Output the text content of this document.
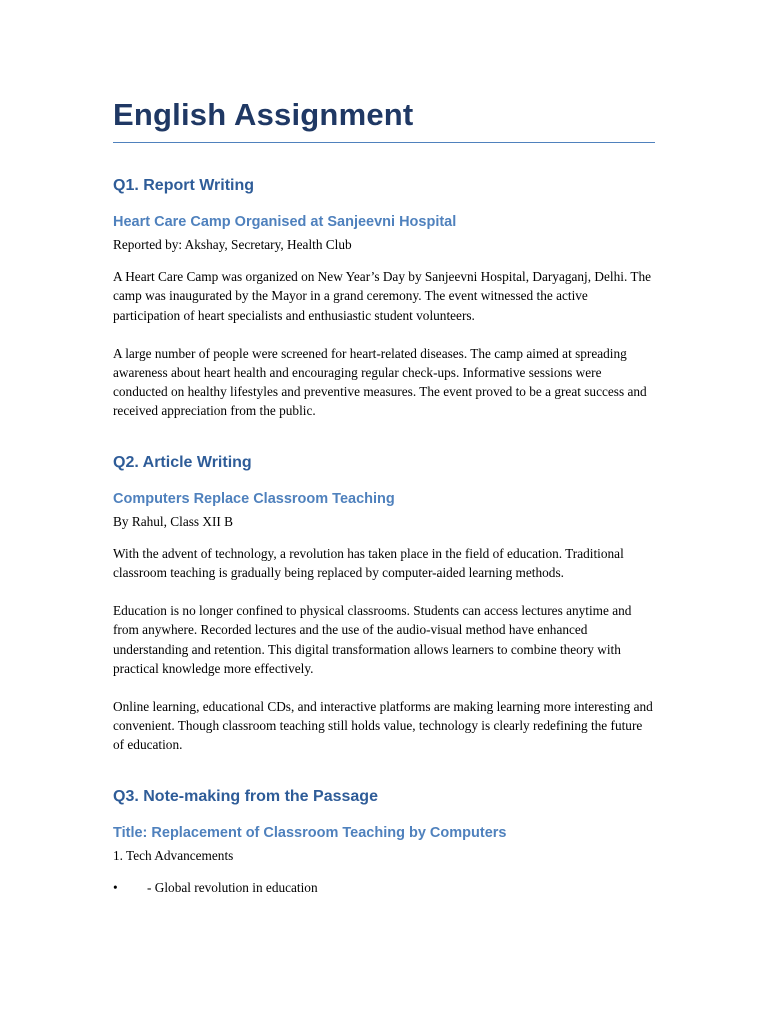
English Assignment
Q1. Report Writing
Heart Care Camp Organised at Sanjeevni Hospital

Reported by: Akshay, Secretary, Health Club

A Heart Care Camp was organized on New Year’s Day by Sanjeevni Hospital, Daryaganj, Delhi. The camp was inaugurated by the Mayor in a grand ceremony. The event witnessed the active participation of heart specialists and enthusiastic student volunteers.

A large number of people were screened for heart-related diseases. The camp aimed at spreading awareness about heart health and encouraging regular check-ups. Informative sessions were conducted on healthy lifestyles and preventive measures. The event proved to be a great success and received appreciation from the public.

Q2. Article Writing
Computers Replace Classroom Teaching

By Rahul, Class XII B

With the advent of technology, a revolution has taken place in the field of education. Traditional classroom teaching is gradually being replaced by computer-aided learning methods.

Education is no longer confined to physical classrooms. Students can access lectures anytime and from anywhere. Recorded lectures and the use of the audio-visual method have enhanced understanding and retention. This digital transformation allows learners to combine theory with practical knowledge more effectively.

Online learning, educational CDs, and interactive platforms are making learning more interesting and convenient. Though classroom teaching still holds value, technology is clearly redefining the future of education.

Q3. Note-making from the Passage
Title: Replacement of Classroom Teaching by Computers

1. Tech Advancements

•	- Global revolution in education
